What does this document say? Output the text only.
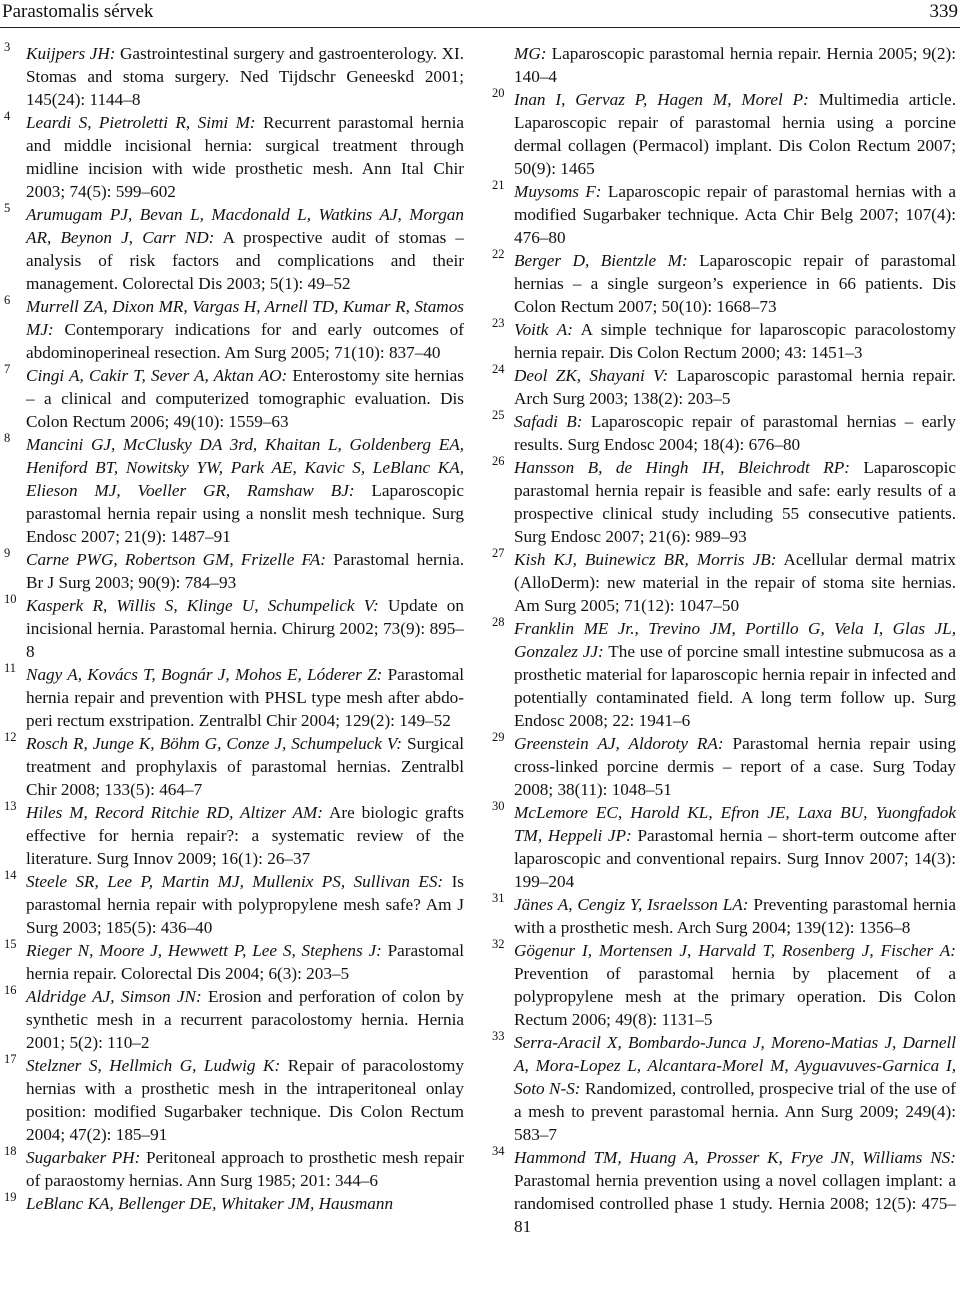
Parastomalis sérvek	339
3 Kuijpers JH: Gastrointestinal surgery and gastroenterology. XI. Stomas and stoma surgery. Ned Tijdschr Geneeskd 2001; 145(24): 1144–8
4 Leardi S, Pietroletti R, Simi M: Recurrent parastomal hernia and middle incisional hernia: surgical treatment through midline incision with wide prosthetic mesh. Ann Ital Chir 2003; 74(5): 599–602
5 Arumugam PJ, Bevan L, Macdonald L, Watkins AJ, Morgan AR, Beynon J, Carr ND: A prospective audit of stomas – analysis of risk factors and complications and their management. Colorectal Dis 2003; 5(1): 49–52
6 Murrell ZA, Dixon MR, Vargas H, Arnell TD, Kumar R, Stamos MJ: Contemporary indications for and early outcomes of abdominoperineal resection. Am Surg 2005; 71(10): 837–40
7 Cingi A, Cakir T, Sever A, Aktan AO: Enterostomy site hernias – a clinical and computerized tomographic evaluation. Dis Colon Rectum 2006; 49(10): 1559–63
8 Mancini GJ, McClusky DA 3rd, Khaitan L, Goldenberg EA, Heniford BT, Nowitsky YW, Park AE, Kavic S, LeBlanc KA, Elieson MJ, Voeller GR, Ramshaw BJ: Laparoscopic parastomal hernia repair using a nonslit mesh technique. Surg Endosc 2007; 21(9): 1487–91
9 Carne PWG, Robertson GM, Frizelle FA: Parastomal hernia. Br J Surg 2003; 90(9): 784–93
10 Kasperk R, Willis S, Klinge U, Schumpelick V: Update on incisional hernia. Parastomal hernia. Chirurg 2002; 73(9): 895–8
11 Nagy A, Kovács T, Bognár J, Mohos E, Lóderer Z: Parastomal hernia repair and prevention with PHSL type mesh after abdo-peri rectum exstripation. Zentralbl Chir 2004; 129(2): 149–52
12 Rosch R, Junge K, Böhm G, Conze J, Schumpeluck V: Surgical treatment and prophylaxis of parastomal hernias. Zentralbl Chir 2008; 133(5): 464–7
13 Hiles M, Record Ritchie RD, Altizer AM: Are biologic grafts effective for hernia repair?: a systematic review of the literature. Surg Innov 2009; 16(1): 26–37
14 Steele SR, Lee P, Martin MJ, Mullenix PS, Sullivan ES: Is parastomal hernia repair with polypropylene mesh safe? Am J Surg 2003; 185(5): 436–40
15 Rieger N, Moore J, Hewwett P, Lee S, Stephens J: Parastomal hernia repair. Colorectal Dis 2004; 6(3): 203–5
16 Aldridge AJ, Simson JN: Erosion and perforation of colon by synthetic mesh in a recurrent paracolostomy hernia. Hernia 2001; 5(2): 110–2
17 Stelzner S, Hellmich G, Ludwig K: Repair of paracolostomy hernias with a prosthetic mesh in the intraperitoneal onlay position: modified Sugarbaker technique. Dis Colon Rectum 2004; 47(2): 185–91
18 Sugarbaker PH: Peritoneal approach to prosthetic mesh repair of paraostomy hernias. Ann Surg 1985; 201: 344–6
19 LeBlanc KA, Bellenger DE, Whitaker JM, Hausmann
MG: Laparoscopic parastomal hernia repair. Hernia 2005; 9(2): 140–4
20 Inan I, Gervaz P, Hagen M, Morel P: Multimedia article. Laparoscopic repair of parastomal hernia using a porcine dermal collagen (Permacol) implant. Dis Colon Rectum 2007; 50(9): 1465
21 Muysoms F: Laparoscopic repair of parastomal hernias with a modified Sugarbaker technique. Acta Chir Belg 2007; 107(4): 476–80
22 Berger D, Bientzle M: Laparoscopic repair of parastomal hernias – a single surgeon’s experience in 66 patients. Dis Colon Rectum 2007; 50(10): 1668–73
23 Voitk A: A simple technique for laparoscopic paracolostomy hernia repair. Dis Colon Rectum 2000; 43: 1451–3
24 Deol ZK, Shayani V: Laparoscopic parastomal hernia repair. Arch Surg 2003; 138(2): 203–5
25 Safadi B: Laparoscopic repair of parastomal hernias – early results. Surg Endosc 2004; 18(4): 676–80
26 Hansson B, de Hingh IH, Bleichrodt RP: Laparoscopic parastomal hernia repair is feasible and safe: early results of a prospective clinical study including 55 consecutive patients. Surg Endosc 2007; 21(6): 989–93
27 Kish KJ, Buinewicz BR, Morris JB: Acellular dermal matrix (AlloDerm): new material in the repair of stoma site hernias. Am Surg 2005; 71(12): 1047–50
28 Franklin ME Jr., Trevino JM, Portillo G, Vela I, Glas JL, Gonzalez JJ: The use of porcine small intestine submucosa as a prosthetic material for laparoscopic hernia repair in infected and potentially contaminated field. A long term follow up. Surg Endosc 2008; 22: 1941–6
29 Greenstein AJ, Aldoroty RA: Parastomal hernia repair using cross-linked porcine dermis – report of a case. Surg Today 2008; 38(11): 1048–51
30 McLemore EC, Harold KL, Efron JE, Laxa BU, Yuongfadok TM, Heppeli JP: Parastomal hernia – short-term outcome after laparoscopic and conventional repairs. Surg Innov 2007; 14(3): 199–204
31 Jänes A, Cengiz Y, Israelsson LA: Preventing parastomal hernia with a prosthetic mesh. Arch Surg 2004; 139(12): 1356–8
32 Gögenur I, Mortensen J, Harvald T, Rosenberg J, Fischer A: Prevention of parastomal hernia by placement of a polypropylene mesh at the primary operation. Dis Colon Rectum 2006; 49(8): 1131–5
33 Serra-Aracil X, Bombardo-Junca J, Moreno-Matias J, Darnell A, Mora-Lopez L, Alcantara-Morel M, Ayguavuves-Garnica I, Soto N-S: Randomized, controlled, prospecive trial of the use of a mesh to prevent parastomal hernia. Ann Surg 2009; 249(4): 583–7
34 Hammond TM, Huang A, Prosser K, Frye JN, Williams NS: Parastomal hernia prevention using a novel collagen implant: a randomised controlled phase 1 study. Hernia 2008; 12(5): 475–81
